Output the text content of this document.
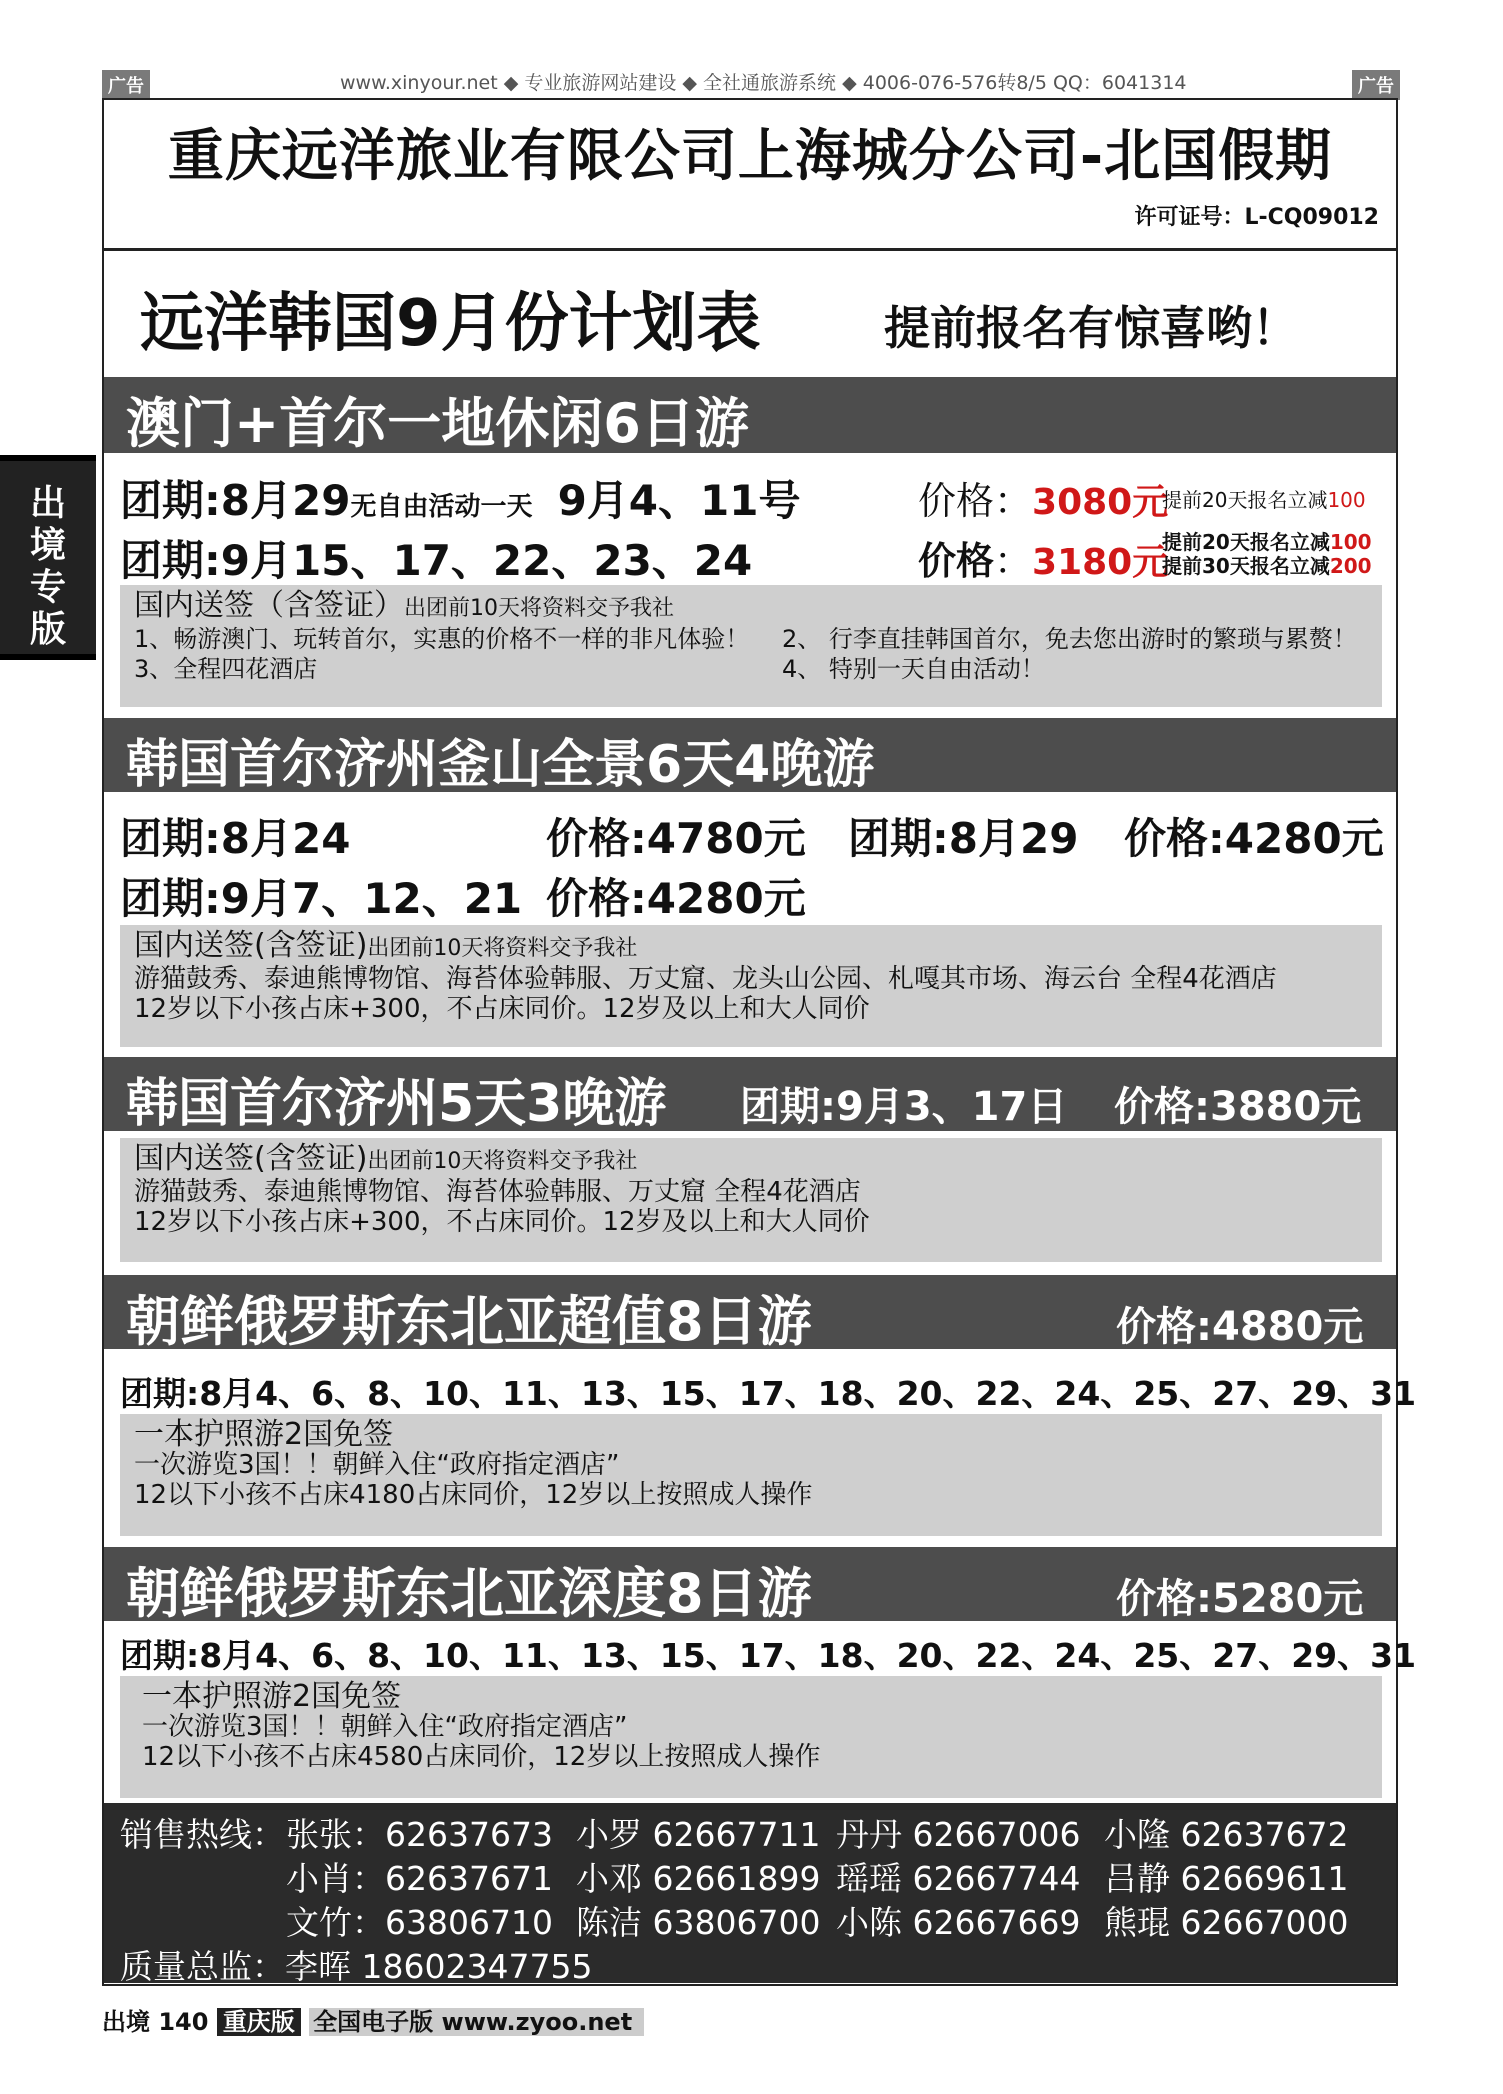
广告	广告
www.xinyour.net ◆ 专业旅游网站建设 ◆ 全社通旅游系统 ◆ 4006-076-576转8/5 QQ：6041314
出
境
专
版
重庆远洋旅业有限公司上海城分公司-北国假期
许可证号：L-CQ09012
远洋韩国9月份计划表	提前报名有惊喜哟！
澳门+首尔一地休闲6日游
团期:8月29无自由活动一天 9月4、11号	价格：3080元
提前20天报名立减100
团期:9月15、17、22、23、24	价格：3180元
提前20天报名立减100
提前30天报名立减200
国内送签（含签证）出团前10天将资料交予我社
1、畅游澳门、玩转首尔，实惠的价格不一样的非凡体验！ 2、 行李直挂韩国首尔，免去您出游时的繁琐与累赘！
3、全程四花酒店	4、 特别一天自由活动！
韩国首尔济州釜山全景6天4晚游
团期:8月24	价格:4780元 团期:8月29 价格:4280元
团期:9月7、12、21 价格:4280元
国内送签(含签证)出团前10天将资料交予我社
游猫鼓秀、泰迪熊博物馆、海苔体验韩服、万丈窟、龙头山公园、札嘎其市场、海云台 全程4花酒店
12岁以下小孩占床+300，不占床同价。12岁及以上和大人同价
韩国首尔济州5天3晚游 团期:9月3、17日 价格:3880元
国内送签(含签证)出团前10天将资料交予我社
游猫鼓秀、泰迪熊博物馆、海苔体验韩服、万丈窟 全程4花酒店
12岁以下小孩占床+300，不占床同价。12岁及以上和大人同价
朝鲜俄罗斯东北亚超值8日游	价格:4880元
团期:8月4、6、8、10、11、13、15、17、18、20、22、24、25、27、29、31
一本护照游2国免签
一次游览3国！！朝鲜入住“政府指定酒店”
12以下小孩不占床4180占床同价，12岁以上按照成人操作
朝鲜俄罗斯东北亚深度8日游	价格:5280元
团期:8月4、6、8、10、11、13、15、17、18、20、22、24、25、27、29、31
一本护照游2国免签
一次游览3国！！朝鲜入住“政府指定酒店”
12以下小孩不占床4580占床同价，12岁以上按照成人操作
销售热线： 张张：62637673 小罗 62667711 丹丹 62667006 小隆 62637672
小肖：62637671 小邓 62661899 瑶瑶 62667744 吕静 62669611
文竹：63806710 陈洁 63806700 小陈 62667669 熊琨 62667000
质量总监：李晖 18602347755
出境 140 重庆版 全国电子版 www.zyoo.net
